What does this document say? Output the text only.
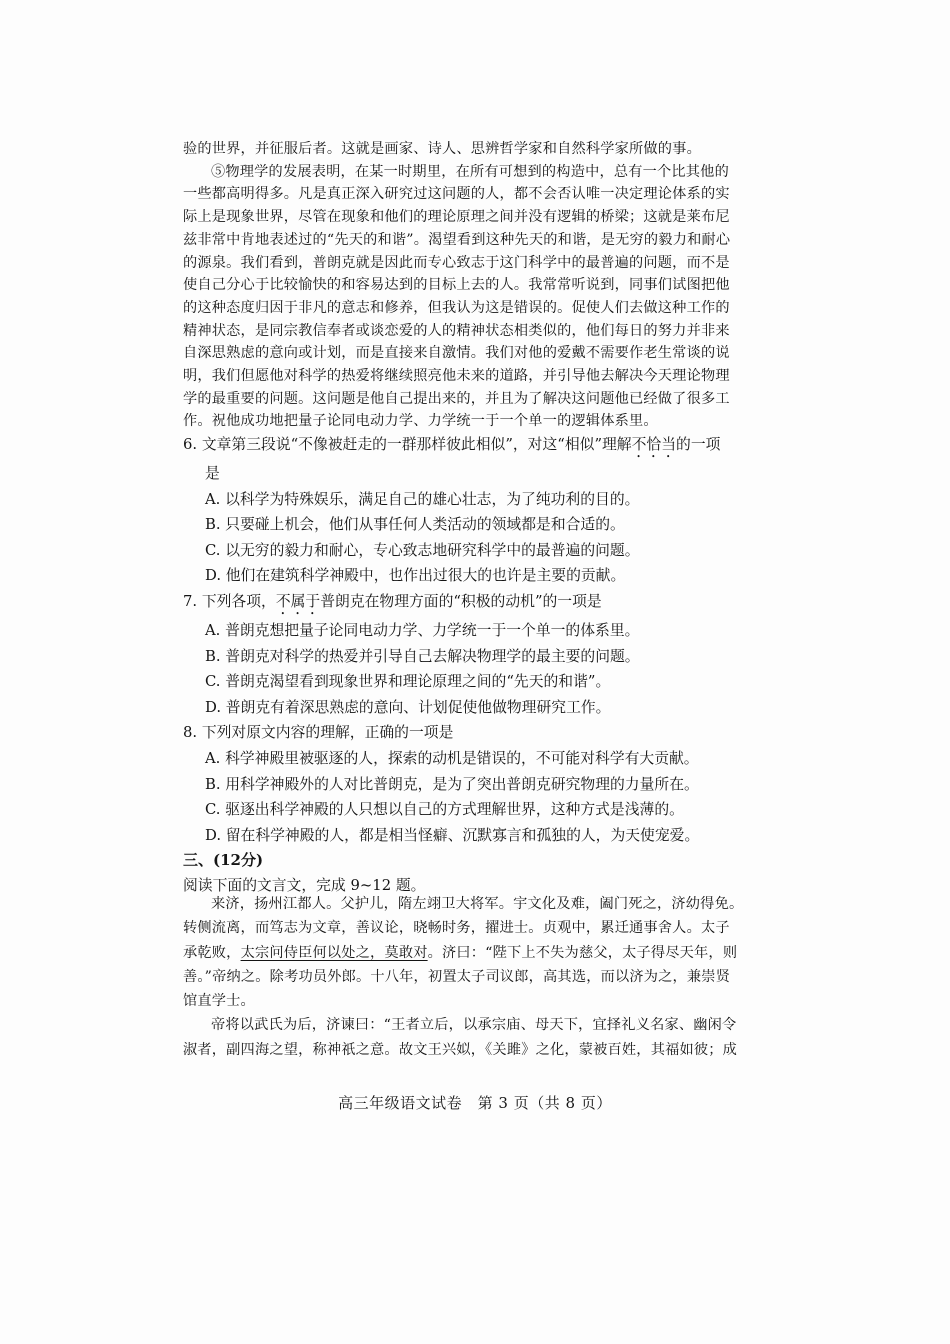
验的世界，并征服后者。这就是画家、诗人、思辨哲学家和自然科学家所做的事。
⑤物理学的发展表明，在某一时期里，在所有可想到的构造中，总有一个比其他的
一些都高明得多。凡是真正深入研究过这问题的人，都不会否认唯一决定理论体系的实
际上是现象世界，尽管在现象和他们的理论原理之间并没有逻辑的桥梁；这就是莱布尼
兹非常中肯地表述过的“先天的和谐”。渴望看到这种先天的和谐，是无穷的毅力和耐心
的源泉。我们看到，普朗克就是因此而专心致志于这门科学中的最普遍的问题，而不是
使自己分心于比较愉快的和容易达到的目标上去的人。我常常听说到，同事们试图把他
的这种态度归因于非凡的意志和修养，但我认为这是错误的。促使人们去做这种工作的
精神状态，是同宗教信奉者或谈恋爱的人的精神状态相类似的，他们每日的努力并非来
自深思熟虑的意向或计划，而是直接来自激情。我们对他的爱戴不需要作老生常谈的说
明，我们但愿他对科学的热爱将继续照亮他未来的道路，并引导他去解决今天理论物理
学的最重要的问题。这问题是他自己提出来的，并且为了解决这问题他已经做了很多工
作。祝他成功地把量子论同电动力学、力学统一于一个单一的逻辑体系里。
6. 文章第三段说“不像被赶走的一群那样彼此相似”，对这“相似”理解不恰当的一项
是
A. 以科学为特殊娱乐，满足自己的雄心壮志，为了纯功利的目的。
B. 只要碰上机会，他们从事任何人类活动的领域都是和合适的。
C. 以无穷的毅力和耐心，专心致志地研究科学中的最普遍的问题。
D. 他们在建筑科学神殿中，也作出过很大的也许是主要的贡献。
7. 下列各项，不属于普朗克在物理方面的“积极的动机”的一项是
A. 普朗克想把量子论同电动力学、力学统一于一个单一的体系里。
B. 普朗克对科学的热爱并引导自己去解决物理学的最主要的问题。
C. 普朗克渴望看到现象世界和理论原理之间的“先天的和谐”。
D. 普朗克有着深思熟虑的意向、计划促使他做物理研究工作。
8. 下列对原文内容的理解，正确的一项是
A. 科学神殿里被驱逐的人，探索的动机是错误的，不可能对科学有大贡献。
B. 用科学神殿外的人对比普朗克，是为了突出普朗克研究物理的力量所在。
C. 驱逐出科学神殿的人只想以自己的方式理解世界，这种方式是浅薄的。
D. 留在科学神殿的人，都是相当怪癖、沉默寡言和孤独的人，为天使宠爱。
三、(12分)
阅读下面的文言文，完成 9~12 题。
来济，扬州江都人。父护儿，隋左翊卫大将军。宇文化及难，阖门死之，济幼得免。
转侧流离，而笃志为文章，善议论，晓畅时务，擢进士。贞观中，累迁通事舍人。太子
承乾败，太宗问侍臣何以处之，莫敢对。济曰：“陛下上不失为慈父，太子得尽天年，则
善。”帝纳之。除考功员外郎。十八年，初置太子司议郎，高其选，而以济为之，兼崇贤
馆直学士。
帝将以武氏为后，济谏曰：“王者立后，以承宗庙、母天下，宜择礼义名家、幽闲令
淑者，副四海之望，称神祇之意。故文王兴姒，《关雎》之化，蒙被百姓，其福如彼；成
高三年级语文试卷　第 3 页（共 8 页）
